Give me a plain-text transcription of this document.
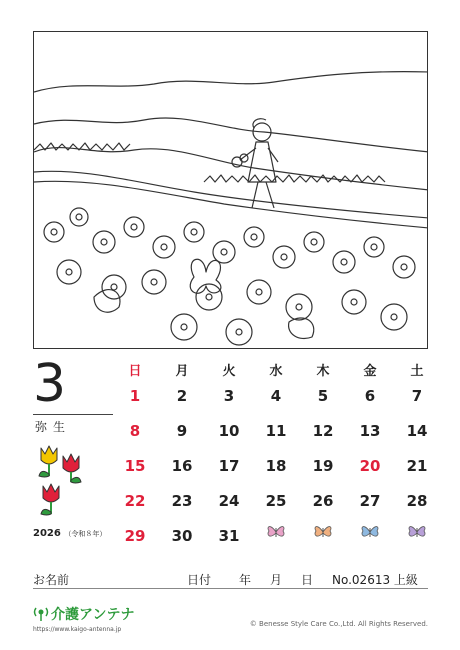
3
弥生
2026 （令和８年）
日	月	火	水	木	金	土
1	2	3	4	5	6	7
8	9	10	11	12	13	14
15	16	17	18	19	20	21
22	23	24	25	26	27	28
29	30	31
お名前	日付 年 月 日 No.02613 上級
介護アンテナ
https://www.kaigo-antenna.jp
© Benesse Style Care Co.,Ltd. All Rights Reserved.
